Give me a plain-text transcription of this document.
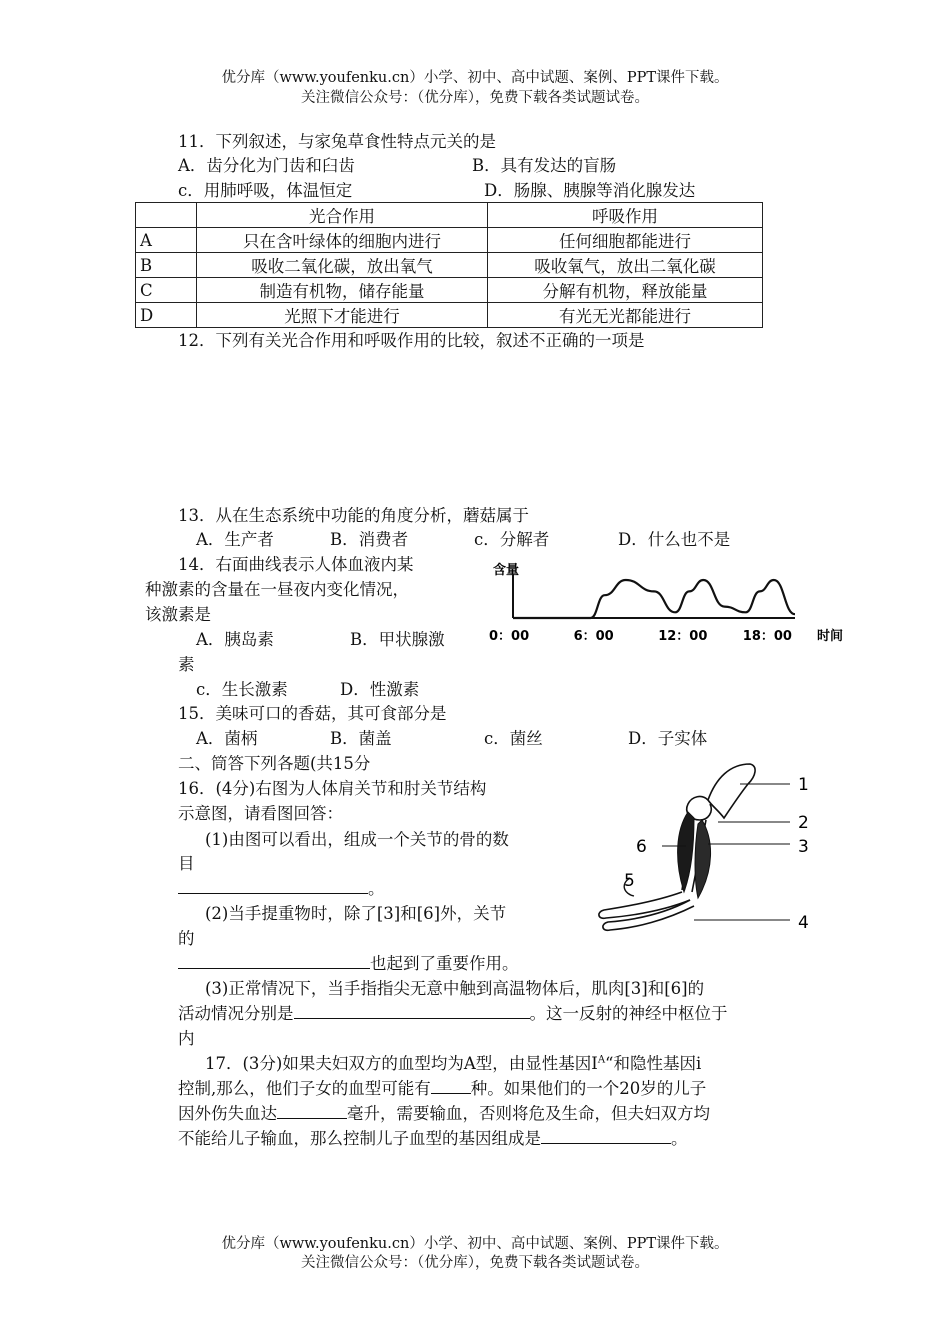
优分库（www.youfenku.cn）小学、初中、高中试题、案例、PPT课件下载。
关注微信公众号：（优分库），免费下载各类试题试卷。
11．下列叙述，与家兔草食性特点元关的是
A．齿分化为门齿和臼齿	B．具有发达的盲肠
c．用肺呼吸，体温恒定	D．肠腺、胰腺等消化腺发达
	光合作用	呼吸作用
A	只在含叶绿体的细胞内进行	任何细胞都能进行
B	吸收二氧化碳，放出氧气	吸收氧气，放出二氧化碳
C	制造有机物，储存能量	分解有机物，释放能量
D	光照下才能进行	有光无光都能进行
12．下列有关光合作用和呼吸作用的比较，叙述不正确的一项是
13．从在生态系统中功能的角度分析，蘑菇属于
A．生产者	B．消费者	c．分解者	D．什么也不是
14．右面曲线表示人体血液内某
种激素的含量在一昼夜内变化情况，
该激素是
A．胰岛素	B．甲状腺激
素
c．生长激素	D．性激素
含量
时间
0：00	6：00	12：00	18：00
15．美味可口的香菇，其可食部分是
A．菌柄	B．菌盖	c．菌丝	D．子实体
二、筒答下列各题(共15分
16．(4分)右图为人体肩关节和肘关节结构
示意图，请看图回答：
(1)由图可以看出，组成一个关节的骨的数
目
。
(2)当手提重物时，除了[3]和[6]外，关节
的
也起到了重要作用。
(3)正常情况下，当手指指尖无意中触到高温物体后，肌肉[3]和[6]的
活动情况分别是	。这一反射的神经中枢位于
内
1
2
3
4
5
6
17．(3分)如果夫妇双方的血型均为A型，由显性基因$I^A“$和隐性基因i
控制,那么，他们子女的血型可能有 种。如果他们的一个20岁的儿子
因外伤失血达	毫升，需要输血，否则将危及生命，但夫妇双方均
不能给儿子输血，那么控制儿子血型的基因组成是	。
优分库（www.youfenku.cn）小学、初中、高中试题、案例、PPT课件下载。
关注微信公众号：（优分库），免费下载各类试题试卷。
